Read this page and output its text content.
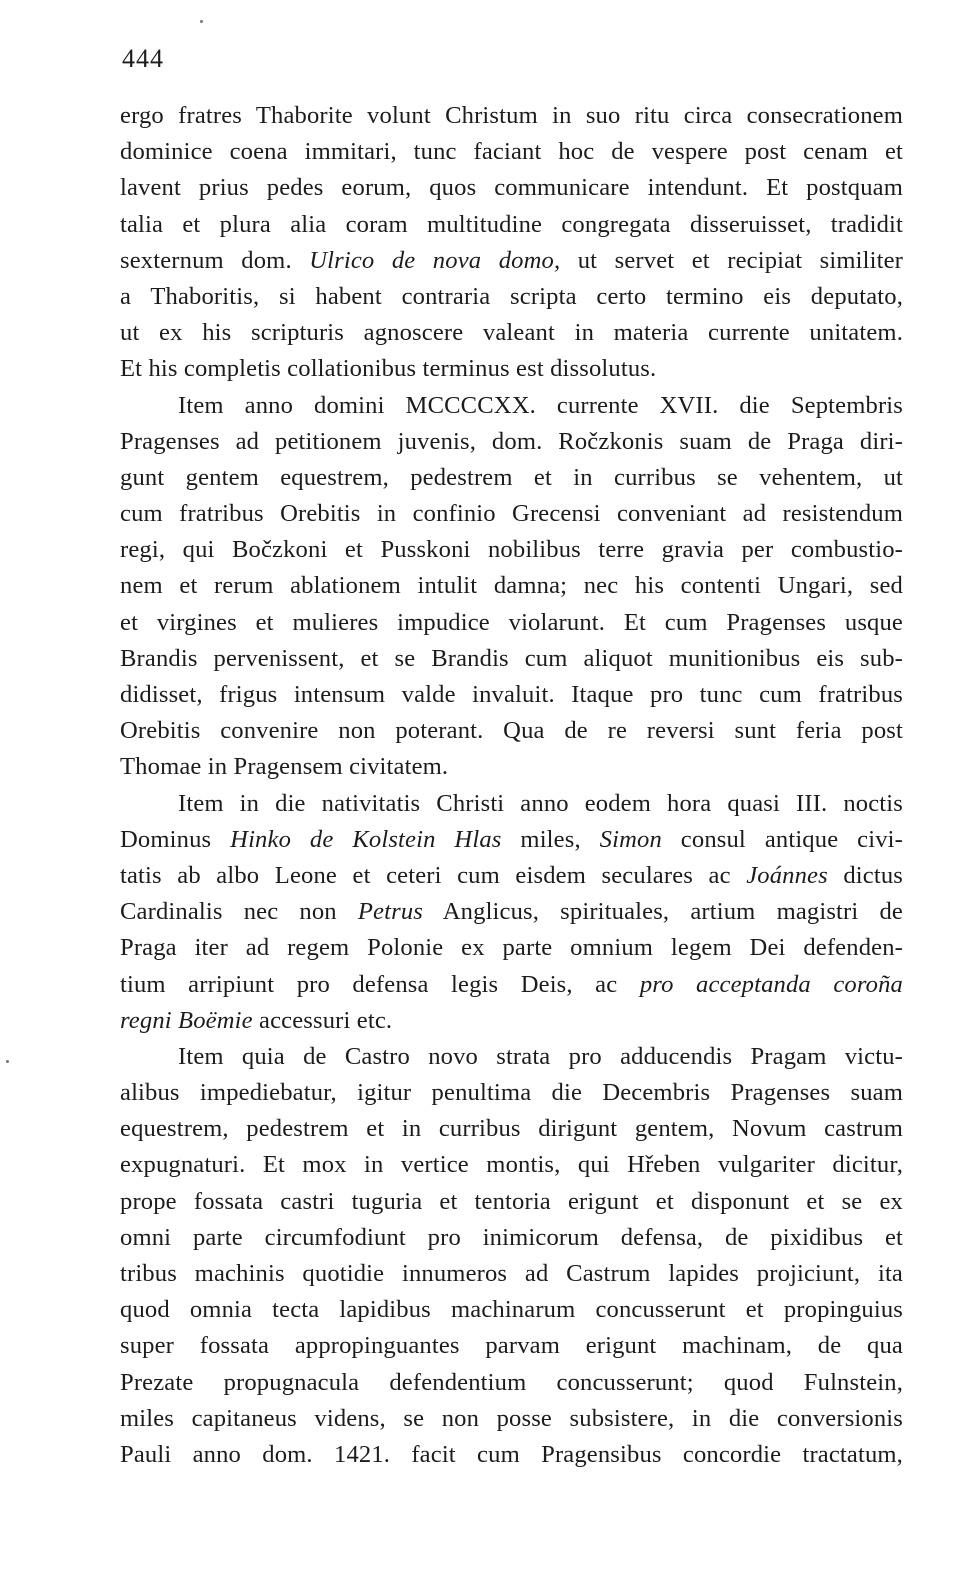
444
ergo fratres Thaborite volunt Christum in suo ritu circa consecrationem
dominice coena immitari, tunc faciant hoc de vespere post cenam et
lavent prius pedes eorum, quos communicare intendunt. Et postquam
talia et plura alia coram multitudine congregata disseruisset, tradidit
sexternum dom. Ulrico de nova domo, ut servet et recipiat similiter
a Thaboritis, si habent contraria scripta certo termino eis deputato,
ut ex his scripturis agnoscere valeant in materia currente unitatem.
Et his completis collationibus terminus est dissolutus.
Item anno domini MCCCCXX. currente XVII. die Septembris
Pragenses ad petitionem juvenis, dom. Ročzkonis suam de Praga diri-
gunt gentem equestrem, pedestrem et in curribus se vehentem, ut
cum fratribus Orebitis in confinio Grecensi conveniant ad resistendum
regi, qui Bočzkoni et Pusskoni nobilibus terre gravia per combustio-
nem et rerum ablationem intulit damna; nec his contenti Ungari, sed
et virgines et mulieres impudice violarunt. Et cum Pragenses usque
Brandis pervenissent, et se Brandis cum aliquot munitionibus eis sub-
didisset, frigus intensum valde invaluit. Itaque pro tunc cum fratribus
Orebitis convenire non poterant. Qua de re reversi sunt feria post
Thomae in Pragensem civitatem.
Item in die nativitatis Christi anno eodem hora quasi III. noctis
Dominus Hinko de Kolstein Hlas miles, Simon consul antique civi-
tatis ab albo Leone et ceteri cum eisdem seculares ac Joánnes dictus
Cardinalis nec non Petrus Anglicus, spirituales, artium magistri de
Praga iter ad regem Polonie ex parte omnium legem Dei defenden-
tium arripiunt pro defensa legis Deis, ac pro acceptanda coroña
regni Boëmie accessuri etc.
Item quia de Castro novo strata pro adducendis Pragam victu-
alibus impediebatur, igitur penultima die Decembris Pragenses suam
equestrem, pedestrem et in curribus dirigunt gentem, Novum castrum
expugnaturi. Et mox in vertice montis, qui Hřeben vulgariter dicitur,
prope fossata castri tuguria et tentoria erigunt et disponunt et se ex
omni parte circumfodiunt pro inimicorum defensa, de pixidibus et
tribus machinis quotidie innumeros ad Castrum lapides projiciunt, ita
quod omnia tecta lapidibus machinarum concusserunt et propinguius
super fossata appropinguantes parvam erigunt machinam, de qua
Prezate propugnacula defendentium concusserunt; quod Fulnstein,
miles capitaneus videns, se non posse subsistere, in die conversionis
Pauli anno dom. 1421. facit cum Pragensibus concordie tractatum,
